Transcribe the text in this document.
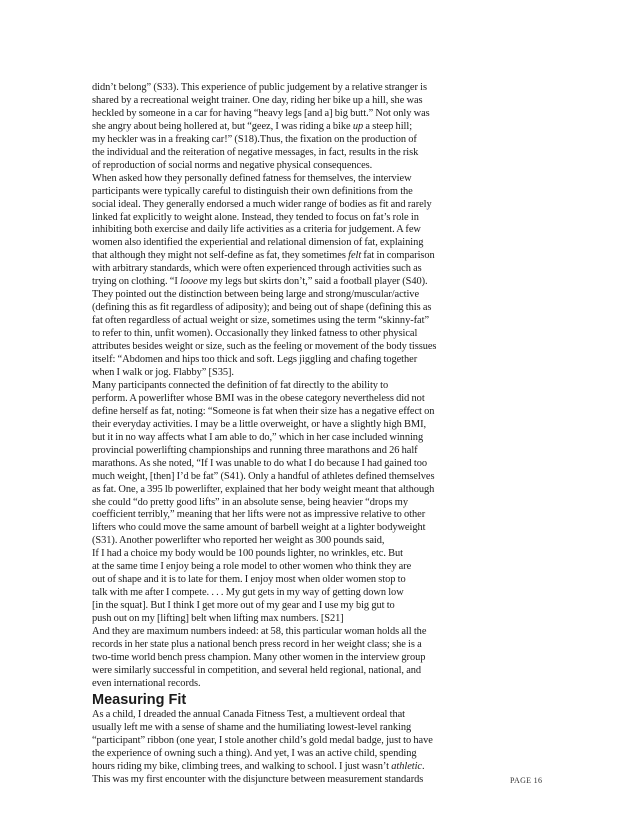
didn’t belong” (S33). This experience of public judgement by a relative stranger is
shared by a recreational weight trainer. One day, riding her bike up a hill, she was
heckled by someone in a car for having “heavy legs [and a] big butt.” Not only was
she angry about being hollered at, but “geez, I was riding a bike up a steep hill;
my heckler was in a freaking car!” (S18).Thus, the fixation on the production of
the individual and the reiteration of negative messages, in fact, results in the risk
of reproduction of social norms and negative physical consequences.
When asked how they personally defined fatness for themselves, the interview
participants were typically careful to distinguish their own definitions from the
social ideal. They generally endorsed a much wider range of bodies as fit and rarely
linked fat explicitly to weight alone. Instead, they tended to focus on fat’s role in
inhibiting both exercise and daily life activities as a criteria for judgement. A few
women also identified the experiential and relational dimension of fat, explaining
that although they might not self-define as fat, they sometimes felt fat in comparison
with arbitrary standards, which were often experienced through activities such as
trying on clothing. “I looove my legs but skirts don’t,” said a football player (S40).
They pointed out the distinction between being large and strong/muscular/active
(defining this as fit regardless of adiposity); and being out of shape (defining this as
fat often regardless of actual weight or size, sometimes using the term “skinny-fat”
to refer to thin, unfit women). Occasionally they linked fatness to other physical
attributes besides weight or size, such as the feeling or movement of the body tissues
itself: “Abdomen and hips too thick and soft. Legs jiggling and chafing together
when I walk or jog. Flabby” [S35].
Many participants connected the definition of fat directly to the ability to
perform. A powerlifter whose BMI was in the obese category nevertheless did not
define herself as fat, noting: “Someone is fat when their size has a negative effect on
their everyday activities. I may be a little overweight, or have a slightly high BMI,
but it in no way affects what I am able to do,” which in her case included winning
provincial powerlifting championships and running three marathons and 26 half
marathons. As she noted, “If I was unable to do what I do because I had gained too
much weight, [then] I’d be fat” (S41). Only a handful of athletes defined themselves
as fat. One, a 395 lb powerlifter, explained that her body weight meant that although
she could “do pretty good lifts” in an absolute sense, being heavier “drops my
coefficient terribly,” meaning that her lifts were not as impressive relative to other
lifters who could move the same amount of barbell weight at a lighter bodyweight
(S31). Another powerlifter who reported her weight as 300 pounds said,
If I had a choice my body would be 100 pounds lighter, no wrinkles, etc. But
at the same time I enjoy being a role model to other women who think they are
out of shape and it is to late for them. I enjoy most when older women stop to
talk with me after I compete. . . . My gut gets in my way of getting down low
[in the squat]. But I think I get more out of my gear and I use my big gut to
push out on my [lifting] belt when lifting max numbers. [S21]
And they are maximum numbers indeed: at 58, this particular woman holds all the
records in her state plus a national bench press record in her weight class; she is a
two-time world bench press champion. Many other women in the interview group
were similarly successful in competition, and several held regional, national, and
even international records.
Measuring Fit
As a child, I dreaded the annual Canada Fitness Test, a multievent ordeal that
usually left me with a sense of shame and the humiliating lowest-level ranking
“participant” ribbon (one year, I stole another child’s gold medal badge, just to have
the experience of owning such a thing). And yet, I was an active child, spending
hours riding my bike, climbing trees, and walking to school. I just wasn’t athletic.
This was my first encounter with the disjuncture between measurement standards	PAGE 16
